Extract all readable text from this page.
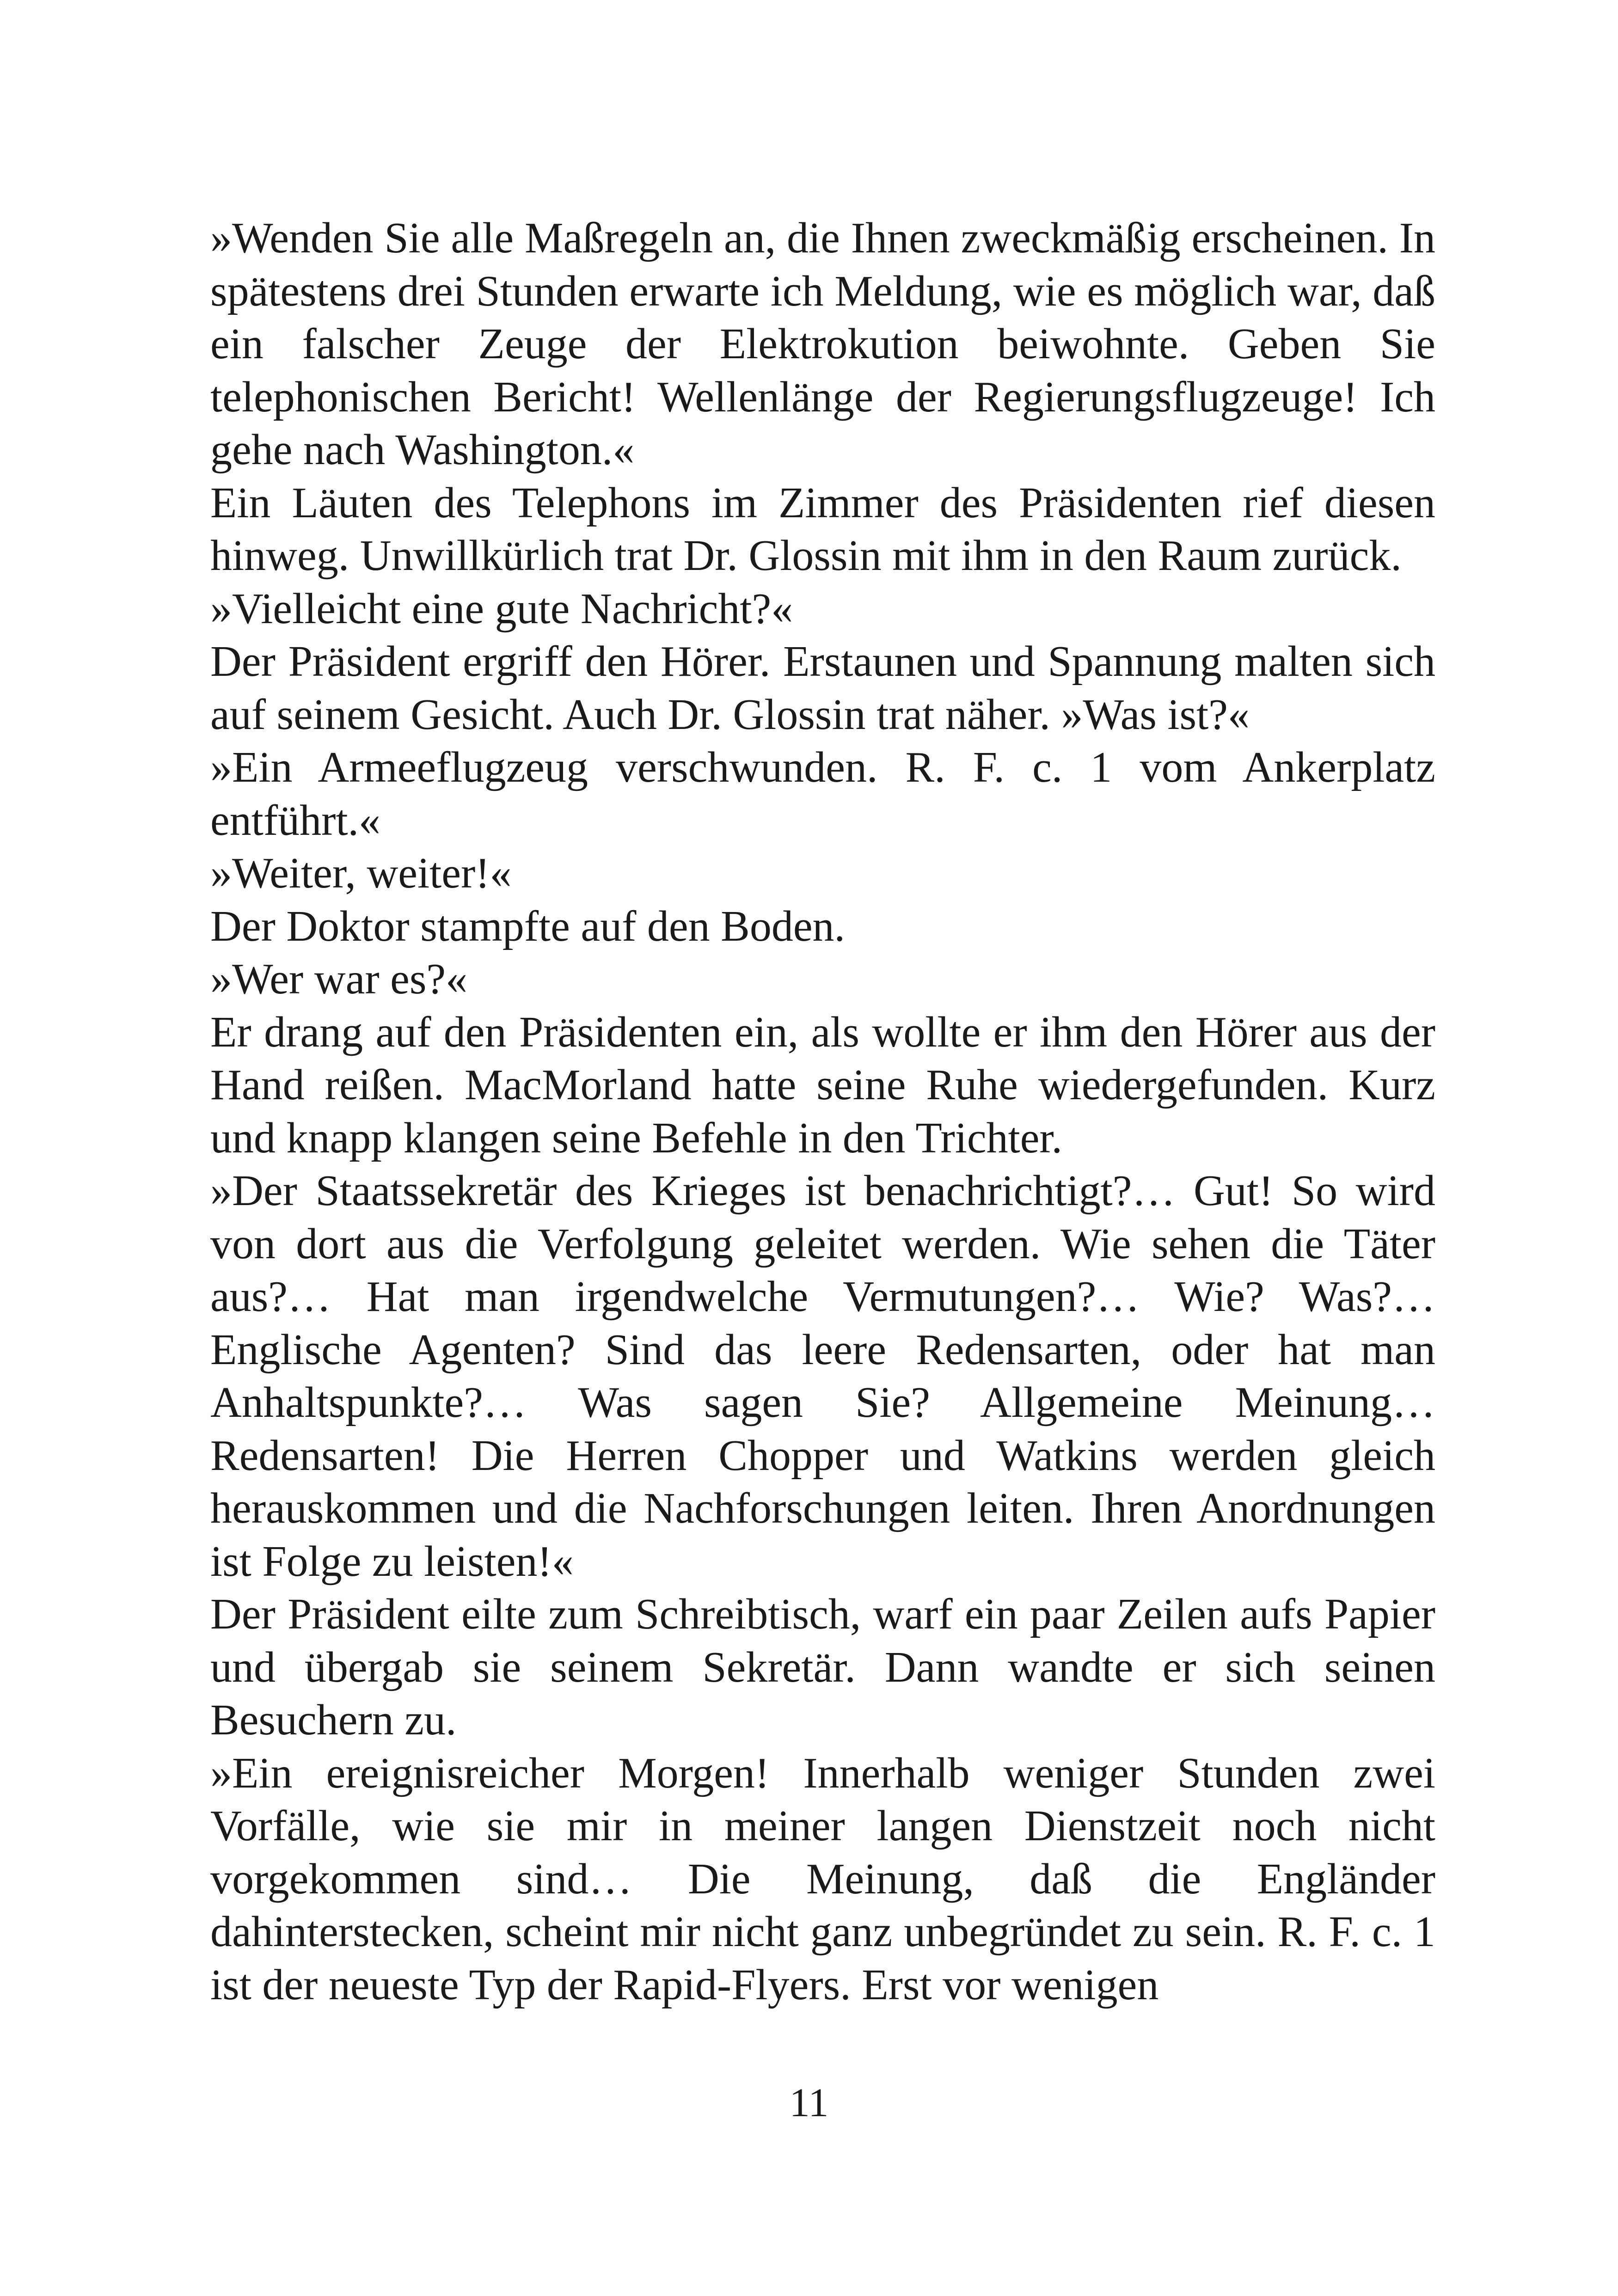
»Wenden Sie alle Maßregeln an, die Ihnen zweckmäßig erscheinen. In spätestens drei Stunden erwarte ich Meldung, wie es möglich war, daß ein falscher Zeuge der Elektrokution beiwohnte. Geben Sie telephonischen Bericht! Wellenlänge der Regierungsflugzeuge! Ich gehe nach Washington.«

Ein Läuten des Telephons im Zimmer des Präsidenten rief diesen hinweg. Unwillkürlich trat Dr. Glossin mit ihm in den Raum zurück.

»Vielleicht eine gute Nachricht?«

Der Präsident ergriff den Hörer. Erstaunen und Spannung malten sich auf seinem Gesicht. Auch Dr. Glossin trat näher. »Was ist?«

»Ein Armeeflugzeug verschwunden. R. F. c. 1 vom Ankerplatz entführt.«

»Weiter, weiter!«

Der Doktor stampfte auf den Boden.

»Wer war es?«

Er drang auf den Präsidenten ein, als wollte er ihm den Hörer aus der Hand reißen. MacMorland hatte seine Ruhe wiedergefunden. Kurz und knapp klangen seine Befehle in den Trichter.

»Der Staatssekretär des Krieges ist benachrichtigt?… Gut! So wird von dort aus die Verfolgung geleitet werden. Wie sehen die Täter aus?… Hat man irgendwelche Vermutungen?… Wie? Was?… Englische Agenten? Sind das leere Redensarten, oder hat man Anhaltspunkte?… Was sagen Sie? Allgemeine Meinung… Redensarten! Die Herren Chopper und Watkins werden gleich herauskommen und die Nachforschungen leiten. Ihren Anordnungen ist Folge zu leisten!«

Der Präsident eilte zum Schreibtisch, warf ein paar Zeilen aufs Papier und übergab sie seinem Sekretär. Dann wandte er sich seinen Besuchern zu.

»Ein ereignisreicher Morgen! Innerhalb weniger Stunden zwei Vorfälle, wie sie mir in meiner langen Dienstzeit noch nicht vorgekommen sind… Die Meinung, daß die Engländer dahinterstecken, scheint mir nicht ganz unbegründet zu sein. R. F. c. 1 ist der neueste Typ der Rapid-Flyers. Erst vor wenigen

11
